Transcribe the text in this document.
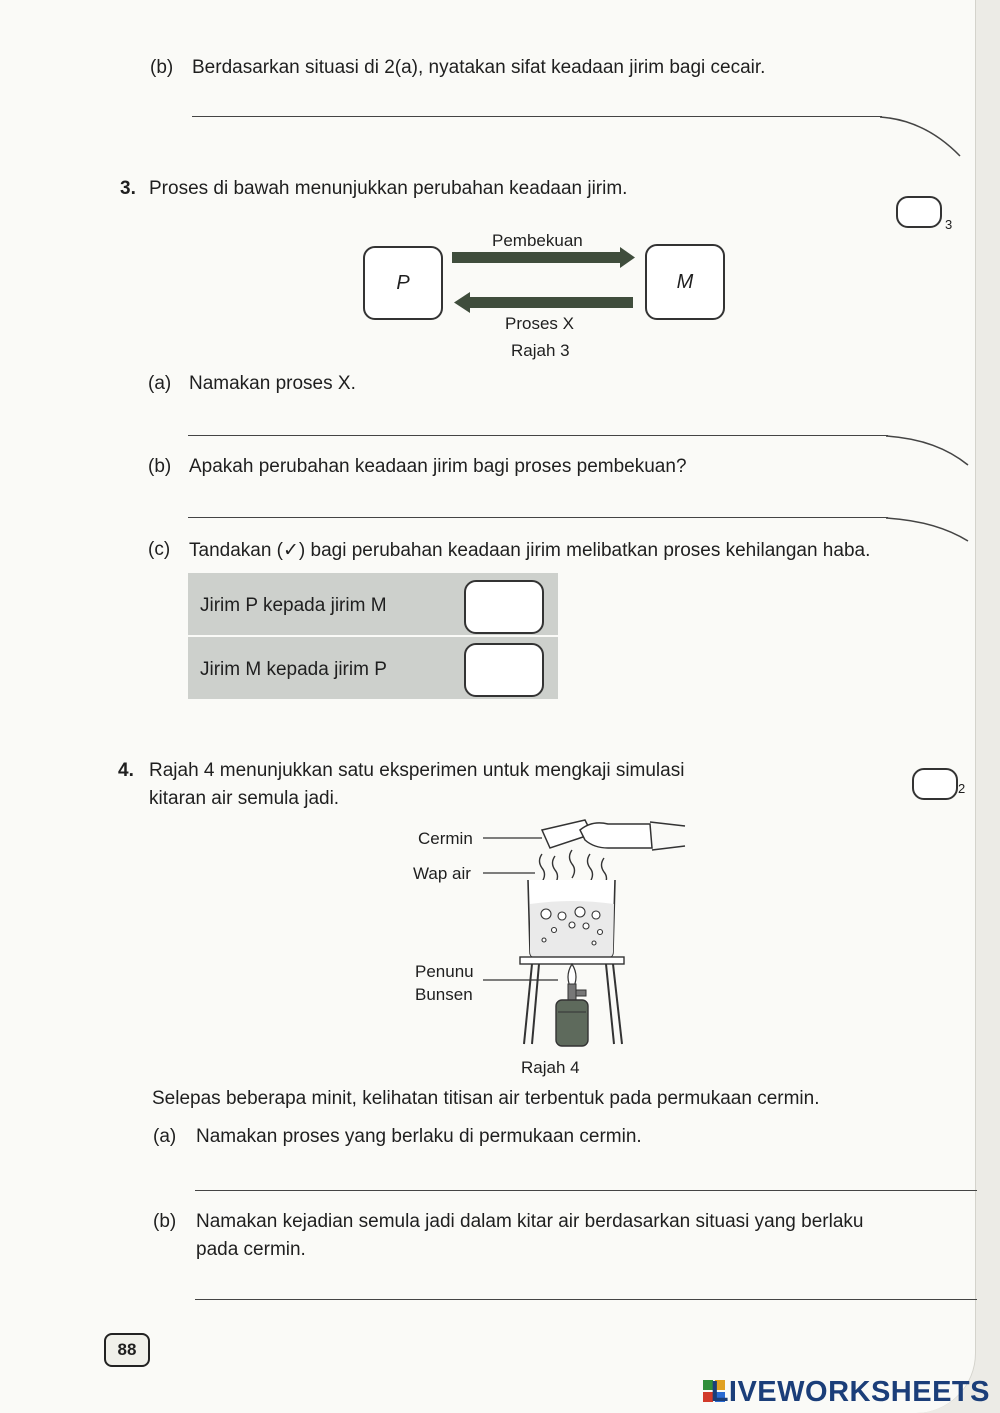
(b) Berdasarkan situasi di 2(a), nyatakan sifat keadaan jirim bagi cecair.
3. Proses di bawah menunjukkan perubahan keadaan jirim.
3
P	M
Pembekuan
Proses X
Rajah 3
(a) Namakan proses X.
(b) Apakah perubahan keadaan jirim bagi proses pembekuan?
(c) Tandakan (✓) bagi perubahan keadaan jirim melibatkan proses kehilangan haba.
Jirim P kepada jirim M
Jirim M kepada jirim P
4. Rajah 4 menunjukkan satu eksperimen untuk mengkaji simulasi
kitaran air semula jadi.	2
Cermin
Wap air
Penunu
Bunsen
Rajah 4
Selepas beberapa minit, kelihatan titisan air terbentuk pada permukaan cermin.
(a) Namakan proses yang berlaku di permukaan cermin.
(b) Namakan kejadian semula jadi dalam kitar air berdasarkan situasi yang berlaku
pada cermin.
88
LIVEWORKSHEETS
